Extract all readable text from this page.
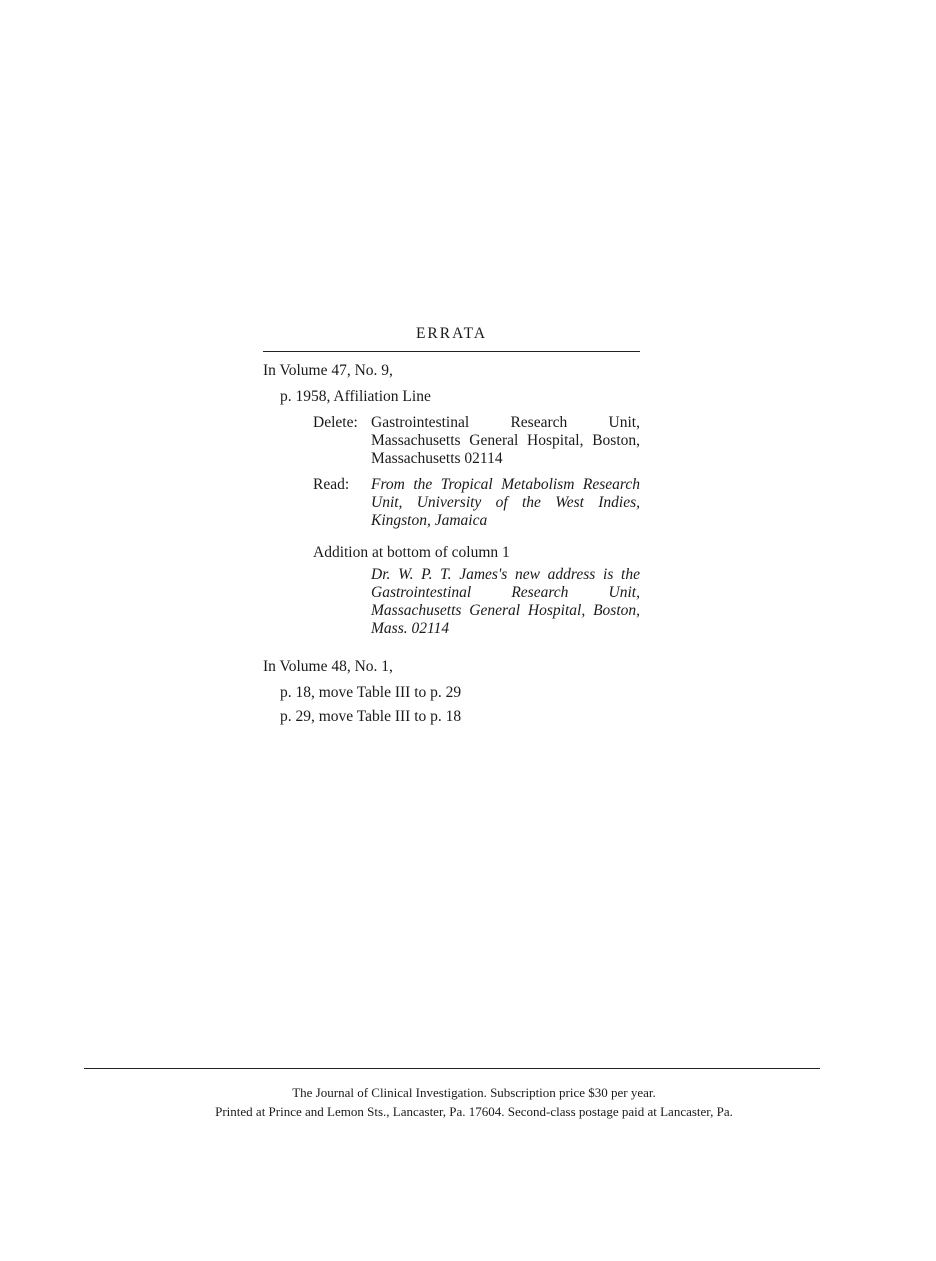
ERRATA
In Volume 47, No. 9,
p. 1958, Affiliation Line
Delete: Gastrointestinal Research Unit, Massachusetts General Hospital, Boston, Massachusetts 02114
Read:	From the Tropical Metabolism Research Unit, University of the West Indies, Kingston, Jamaica
Addition at bottom of column 1
Dr. W. P. T. James's new address is the Gastrointestinal Research Unit, Massachusetts General Hospital, Boston, Mass. 02114
In Volume 48, No. 1,
p. 18, move Table III to p. 29
p. 29, move Table III to p. 18
The Journal of Clinical Investigation. Subscription price $30 per year.
Printed at Prince and Lemon Sts., Lancaster, Pa. 17604. Second-class postage paid at Lancaster, Pa.
